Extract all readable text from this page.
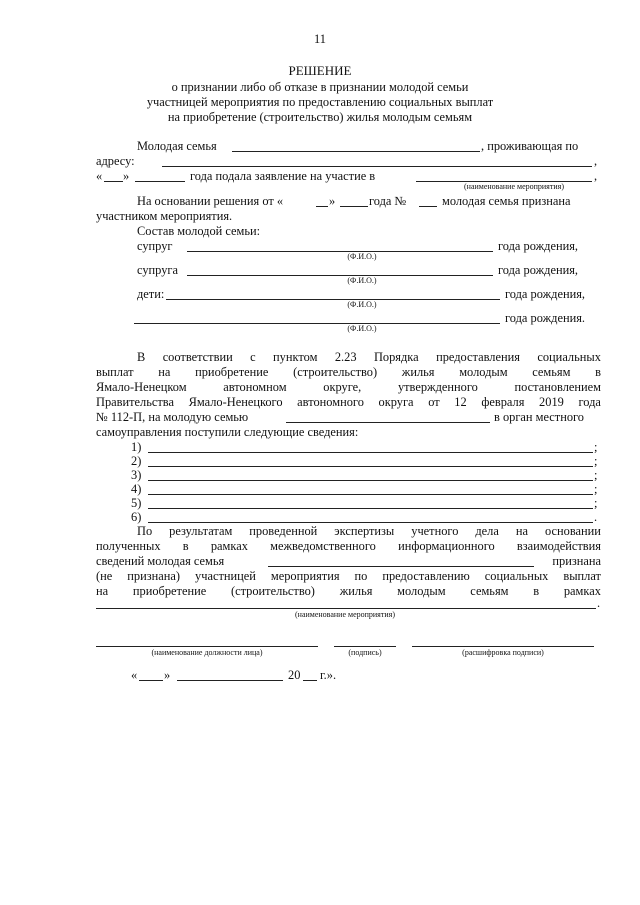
11
РЕШЕНИЕ
о признании либо об отказе в признании молодой семьи
участницей мероприятия по предоставлению социальных выплат
на приобретение (строительство) жилья молодым семьям
Молодая семья	, проживающая по
адресу:	,
« »	года подала заявление на участие в	,
(наименование мероприятия)
На основании решения от «	»	года №	молодая семья признана
участником мероприятия.
Состав молодой семьи:
супруг	года рождения,
(Ф.И.О.)
супруга	года рождения,
(Ф.И.О.)
дети:	года рождения,
(Ф.И.О.)
года рождения.
(Ф.И.О.)
В соответствии с пунктом 2.23 Порядка предоставления социальных
выплат на приобретение (строительство) жилья молодым семьям в
Ямало-Ненецком	автономном	округе,	утвержденного	постановлением
Правительства Ямало-Ненецкого автономного округа от 12 февраля 2019 года
№ 112-П, на молодую семью	в орган местного
самоуправления поступили следующие сведения:
1)	;
2)	;
3)	;
4)	;
5)	;
6)	.
По результатам проведенной экспертизы учетного дела на основании
полученных в рамках межведомственного информационного взаимодействия
сведений молодая семья	признана
(не признана) участницей мероприятия по предоставлению социальных выплат
на приобретение (строительство) жилья молодым семьям в рамках
.
(наименование мероприятия)
(наименование должности лица)	(подпись)	(расшифровка подписи)
« »	20 г.».
